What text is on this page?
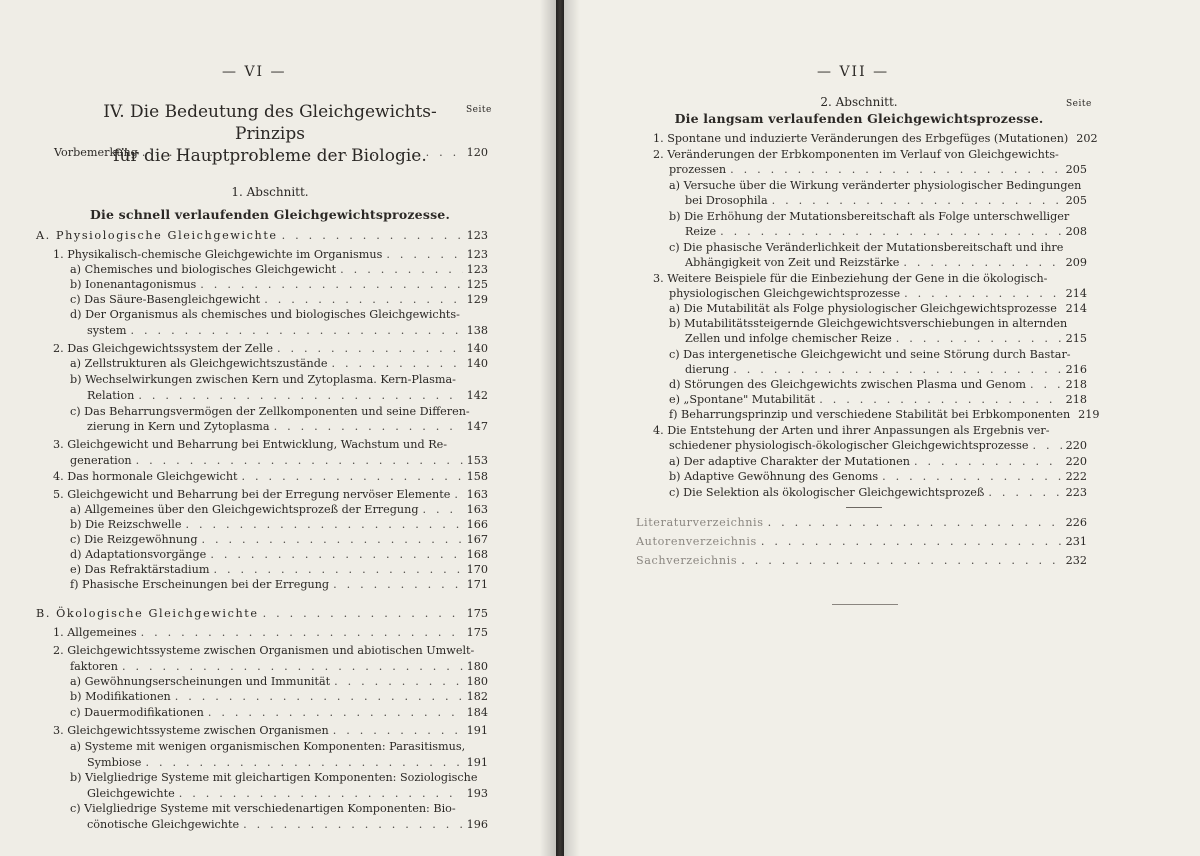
— VI —
IV. Die Bedeutung des Gleichgewichts-Prinzips
für die Hauptprobleme der Biologie.
Seite
Vorbemerkung . . .	120
1. Abschnitt.
Die schnell verlaufenden Gleichgewichtsprozesse.
A. Physiologische Gleichgewichte . . .	123
1. Physikalisch-chemische Gleichgewichte im Organismus . . .	123
a) Chemisches und biologisches Gleichgewicht . . .	123
b) Ionenantagonismus . . .	125
c) Das Säure-Basengleichgewicht . . .	129
d) Der Organismus als chemisches und biologisches Gleichgewichts-
system . . .	138
2. Das Gleichgewichtssystem der Zelle . . .	140
a) Zellstrukturen als Gleichgewichtszustände . . .	140
b) Wechselwirkungen zwischen Kern und Zytoplasma. Kern-Plasma-
Relation . . .	142
c) Das Beharrungsvermögen der Zellkomponenten und seine Differen-
zierung in Kern und Zytoplasma . . .	147
3. Gleichgewicht und Beharrung bei Entwicklung, Wachstum und Re-
generation . . .	153
4. Das hormonale Gleichgewicht . . .	158
5. Gleichgewicht und Beharrung bei der Erregung nervöser Elemente . . . 163
a) Allgemeines über den Gleichgewichtsprozeß der Erregung . . .	163
b) Die Reizschwelle . . .	166
c) Die Reizgewöhnung . . .	167
d) Adaptationsvorgänge . . .	168
e) Das Refraktärstadium . . .	170
f) Phasische Erscheinungen bei der Erregung . . .	171
B. Ökologische Gleichgewichte . . .	175
1. Allgemeines . . .	175
2. Gleichgewichtssysteme zwischen Organismen und abiotischen Umwelt-
faktoren . . .	180
a) Gewöhnungserscheinungen und Immunität . . .	180
b) Modifikationen . . .	182
c) Dauermodifikationen . . .	184
3. Gleichgewichtssysteme zwischen Organismen . . .	191
a) Systeme mit wenigen organismischen Komponenten: Parasitismus,
Symbiose . . .	191
b) Vielgliedrige Systeme mit gleichartigen Komponenten: Soziologische
Gleichgewichte . . .	193
c) Vielgliedrige Systeme mit verschiedenartigen Komponenten: Bio-
cönotische Gleichgewichte . . .	196
— VII —
2. Abschnitt.	Seite
Die langsam verlaufenden Gleichgewichtsprozesse.
1. Spontane und induzierte Veränderungen des Erbgefüges (Mutationen) 202
2. Veränderungen der Erbkomponenten im Verlauf von Gleichgewichts-
prozessen . . .	205
a) Versuche über die Wirkung veränderter physiologischer Bedingungen
bei Drosophila . . .	205
b) Die Erhöhung der Mutationsbereitschaft als Folge unterschwelliger
Reize . . .	208
c) Die phasische Veränderlichkeit der Mutationsbereitschaft und ihre
Abhängigkeit von Zeit und Reizstärke . . .	209
3. Weitere Beispiele für die Einbeziehung der Gene in die ökologisch-
physiologischen Gleichgewichtsprozesse . . .	214
a) Die Mutabilität als Folge physiologischer Gleichgewichtsprozesse . . . 214
b) Mutabilitätssteigernde Gleichgewichtsverschiebungen in alternden
Zellen und infolge chemischer Reize . . .	215
c) Das intergenetische Gleichgewicht und seine Störung durch Bastar-
dierung . . .	216
d) Störungen des Gleichgewichts zwischen Plasma und Genom . . .	218
e) „Spontane" Mutabilität . . .	218
f) Beharrungsprinzip und verschiedene Stabilität bei Erbkomponenten 219
4. Die Entstehung der Arten und ihrer Anpassungen als Ergebnis ver-
schiedener physiologisch-ökologischer Gleichgewichtsprozesse . . .	220
a) Der adaptive Charakter der Mutationen . . .	220
b) Adaptive Gewöhnung des Genoms . . .	222
c) Die Selektion als ökologischer Gleichgewichtsprozeß . . .	223
Literaturverzeichnis . . .	226
Autorenverzeichnis . . .	231
Sachverzeichnis . . .	232
